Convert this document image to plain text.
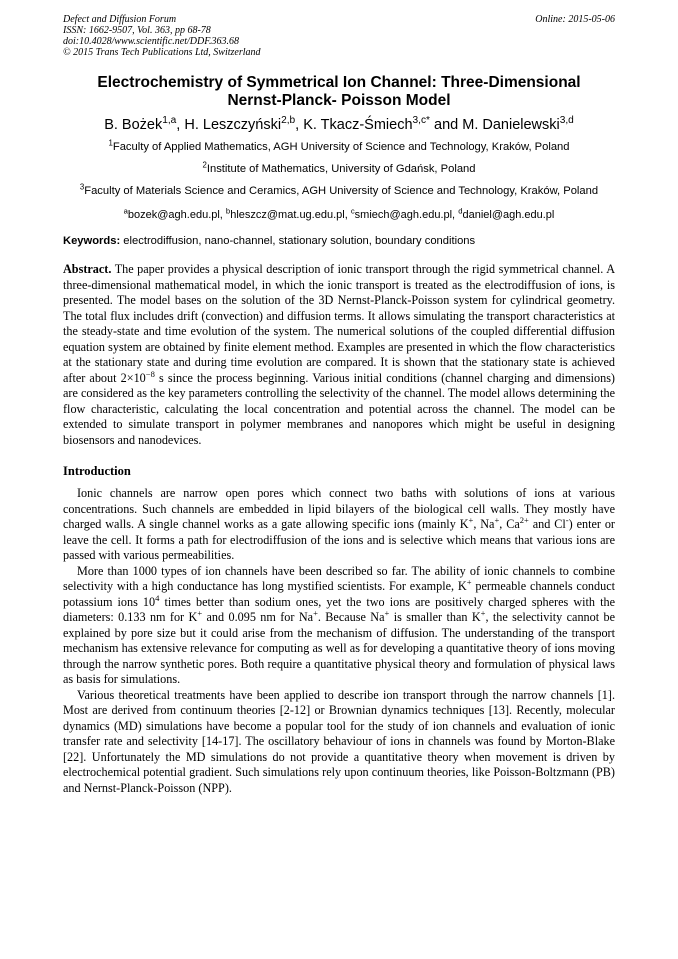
Defect and Diffusion Forum
ISSN: 1662-9507, Vol. 363, pp 68-78
doi:10.4028/www.scientific.net/DDF.363.68
© 2015 Trans Tech Publications Ltd, Switzerland
Online: 2015-05-06
Electrochemistry of Symmetrical Ion Channel: Three-Dimensional
Nernst-Planck- Poisson Model
B. Bożek$^{1,a}$, H. Leszczyński$^{2,b}$, K. Tkacz-Śmiech$^{3,c*}$ and M. Danielewski$^{3,d}$
$^1$Faculty of Applied Mathematics, AGH University of Science and Technology, Kraków, Poland
$^2$Institute of Mathematics, University of Gdańsk, Poland
$^3$Faculty of Materials Science and Ceramics, AGH University of Science and Technology, Kraków, Poland
$^a$bozek@agh.edu.pl, $^b$hleszcz@mat.ug.edu.pl, $^c$smiech@agh.edu.pl, $^d$daniel@agh.edu.pl
Keywords: electrodiffusion, nano-channel, stationary solution, boundary conditions
Abstract. The paper provides a physical description of ionic transport through the rigid symmetrical channel. A three-dimensional mathematical model, in which the ionic transport is treated as the electrodiffusion of ions, is presented. The model bases on the solution of the 3D Nernst-Planck-Poisson system for cylindrical geometry. The total flux includes drift (convection) and diffusion terms. It allows simulating the transport characteristics at the steady-state and time evolution of the system. The numerical solutions of the coupled differential diffusion equation system are obtained by finite element method. Examples are presented in which the flow characteristics at the stationary state and during time evolution are compared. It is shown that the stationary state is achieved after about $2\times 10^{-8}$ s since the process beginning. Various initial conditions (channel charging and dimensions) are considered as the key parameters controlling the selectivity of the channel. The model allows determining the flow characteristic, calculating the local concentration and potential across the channel. The model can be extended to simulate transport in polymer membranes and nanopores which might be useful in designing biosensors and nanodevices.
Introduction

Ionic channels are narrow open pores which connect two baths with solutions of ions at various concentrations. Such channels are embedded in lipid bilayers of the biological cell walls. They mostly have charged walls. A single channel works as a gate allowing specific ions (mainly K+, Na+, $Ca^{2+}$ and Cl-) enter or leave the cell. It forms a path for electrodiffusion of the ions and is selective which means that various ions are passed with various permeabilities.

More than 1000 types of ion channels have been described so far. The ability of ionic channels to combine selectivity with a high conductance has long mystified scientists. For example, K+ permeable channels conduct potassium ions $10^4$ times better than sodium ones, yet the two ions are positively charged spheres with the diameters: 0.133 nm for K+ and 0.095 nm for Na+. Because Na+ is smaller than K+, the selectivity cannot be explained by pore size but it could arise from the mechanism of diffusion. The understanding of the transport mechanism has extensive relevance for computing as well as for developing a quantitative theory of ions moving through the narrow synthetic pores. Both require a quantitative physical theory and formulation of physical laws as basis for simulations.

Various theoretical treatments have been applied to describe ion transport through the narrow channels [1]. Most are derived from continuum theories [2-12] or Brownian dynamics techniques [13]. Recently, molecular dynamics (MD) simulations have become a popular tool for the study of ion channels and evaluation of ionic transfer rate and selectivity [14-17]. The oscillatory behaviour of ions in channels was found by Morton-Blake [22]. Unfortunately the MD simulations do not provide a quantitative theory when movement is driven by electrochemical potential gradient. Such simulations rely upon continuum theories, like Poisson-Boltzmann (PB) and Nernst-Planck-Poisson (NPP).
